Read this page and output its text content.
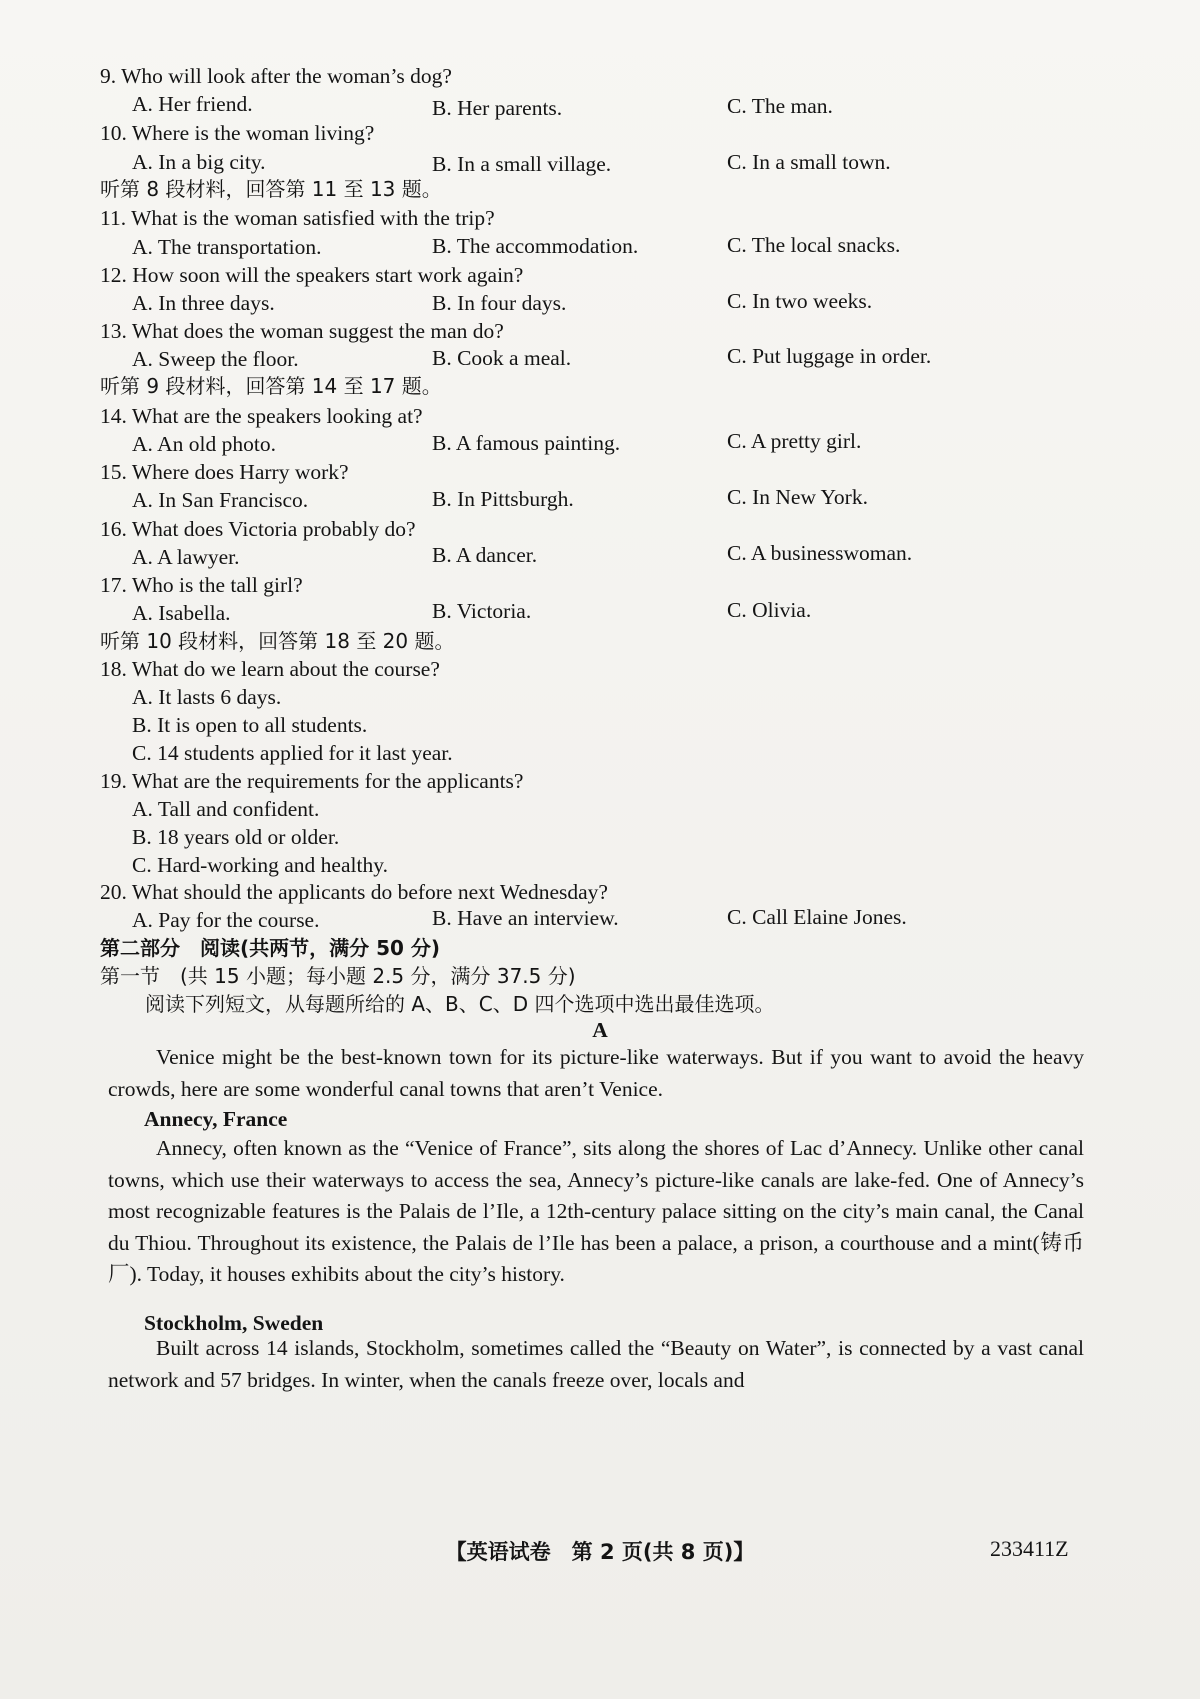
9. Who will look after the woman’s dog?
A. Her friend.	B. Her parents.	C. The man.
10. Where is the woman living?
A. In a big city.	B. In a small village.	C. In a small town.
听第 8 段材料，回答第 11 至 13 题。
11. What is the woman satisfied with the trip?
A. The transportation.	B. The accommodation.	C. The local snacks.
12. How soon will the speakers start work again?
A. In three days.	B. In four days.	C. In two weeks.
13. What does the woman suggest the man do?
A. Sweep the floor.	B. Cook a meal.	C. Put luggage in order.
听第 9 段材料，回答第 14 至 17 题。
14. What are the speakers looking at?
A. An old photo.	B. A famous painting.	C. A pretty girl.
15. Where does Harry work?
A. In San Francisco.	B. In Pittsburgh.	C. In New York.
16. What does Victoria probably do?
A. A lawyer.	B. A dancer.	C. A businesswoman.
17. Who is the tall girl?
A. Isabella.	B. Victoria.	C. Olivia.
听第 10 段材料，回答第 18 至 20 题。
18. What do we learn about the course?
A. It lasts 6 days.
B. It is open to all students.
C. 14 students applied for it last year.
19. What are the requirements for the applicants?
A. Tall and confident.
B. 18 years old or older.
C. Hard-working and healthy.
20. What should the applicants do before next Wednesday?
A. Pay for the course.	B. Have an interview.	C. Call Elaine Jones.
第二部分　阅读(共两节，满分 50 分)
第一节　(共 15 小题；每小题 2.5 分，满分 37.5 分)
阅读下列短文，从每题所给的 A、B、C、D 四个选项中选出最佳选项。
A

Venice might be the best-known town for its picture-like waterways. But if you want to avoid the heavy crowds, here are some wonderful canal towns that aren’t Venice.

Annecy, France

Annecy, often known as the “Venice of France”, sits along the shores of Lac d’Annecy. Unlike other canal towns, which use their waterways to access the sea, Annecy’s picture-like canals are lake-fed. One of Annecy’s most recognizable features is the Palais de l’Ile, a 12th-century palace sitting on the city’s main canal, the Canal du Thiou. Throughout its existence, the Palais de l’Ile has been a palace, a prison, a courthouse and a mint(铸币厂). Today, it houses exhibits about the city’s history.

Stockholm, Sweden

Built across 14 islands, Stockholm, sometimes called the “Beauty on Water”, is connected by a vast canal network and 57 bridges. In winter, when the canals freeze over, locals and

【英语试卷　第 2 页(共 8 页)】	233411Z
